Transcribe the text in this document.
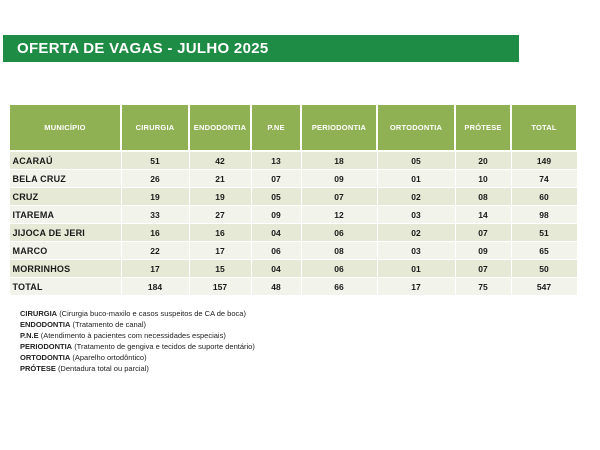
OFERTA DE VAGAS - JULHO 2025
MUNICÍPIO	CIRURGIA	ENDODONTIA	P.NE	PERIODONTIA	ORTODONTIA	PRÓTESE	TOTAL
ACARAÚ	51	42	13	18	05	20	149
BELA CRUZ	26	21	07	09	01	10	74
CRUZ	19	19	05	07	02	08	60
ITAREMA	33	27	09	12	03	14	98
JIJOCA DE JERI	16	16	04	06	02	07	51
MARCO	22	17	06	08	03	09	65
MORRINHOS	17	15	04	06	01	07	50
TOTAL	184	157	48	66	17	75	547
CIRURGIA (Cirurgia buco-maxilo e casos suspeitos de CA de boca)
ENDODONTIA (Tratamento de canal)
P.N.E (Atendimento à pacientes com necessidades especiais)
PERIODONTIA (Tratamento de gengiva e tecidos de suporte dentário)
ORTODONTIA (Aparelho ortodôntico)
PRÓTESE (Dentadura total ou parcial)
